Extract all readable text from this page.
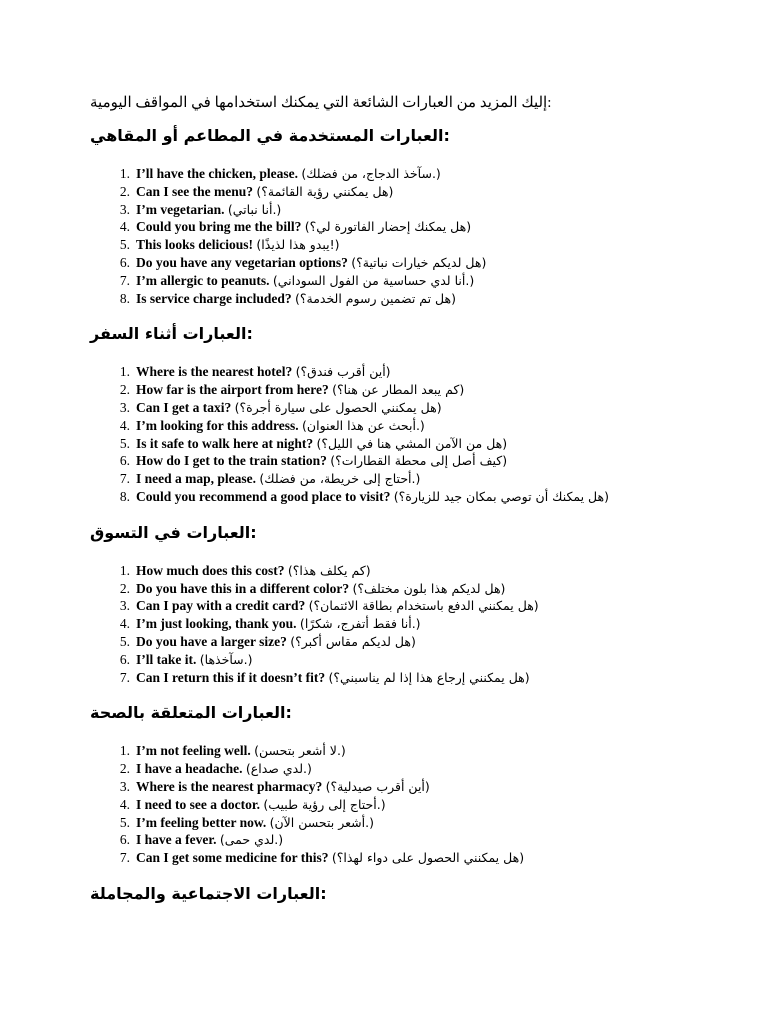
إليك المزيد من العبارات الشائعة التي يمكنك استخدامها في المواقف اليومية:

العبارات المستخدمة في المطاعم أو المقاهي:
1. I’ll have the chicken, please. (سآخذ الدجاج، من فضلك.)
2. Can I see the menu? (هل يمكنني رؤية القائمة؟)
3. I’m vegetarian. (أنا نباتي.)
4. Could you bring me the bill? (هل يمكنك إحضار الفاتورة لي؟)
5. This looks delicious! (يبدو هذا لذيذًا!)
6. Do you have any vegetarian options? (هل لديكم خيارات نباتية؟)
7. I’m allergic to peanuts. (أنا لدي حساسية من الفول السوداني.)
8. Is service charge included? (هل تم تضمين رسوم الخدمة؟)
العبارات أثناء السفر:
1. Where is the nearest hotel? (أين أقرب فندق؟)
2. How far is the airport from here? (كم يبعد المطار عن هنا؟)
3. Can I get a taxi? (هل يمكنني الحصول على سيارة أجرة؟)
4. I’m looking for this address. (أبحث عن هذا العنوان.)
5. Is it safe to walk here at night? (هل من الآمن المشي هنا في الليل؟)
6. How do I get to the train station? (كيف أصل إلى محطة القطارات؟)
7. I need a map, please. (أحتاج إلى خريطة، من فضلك.)
8. Could you recommend a good place to visit? (هل يمكنك أن توصي بمكان جيد للزيارة؟)
العبارات في التسوق:
1. How much does this cost? (كم يكلف هذا؟)
2. Do you have this in a different color? (هل لديكم هذا بلون مختلف؟)
3. Can I pay with a credit card? (هل يمكنني الدفع باستخدام بطاقة الائتمان؟)
4. I’m just looking, thank you. (أنا فقط أتفرج، شكرًا.)
5. Do you have a larger size? (هل لديكم مقاس أكبر؟)
6. I’ll take it. (سآخذها.)
7. Can I return this if it doesn’t fit? (هل يمكنني إرجاع هذا إذا لم يناسبني؟)
العبارات المتعلقة بالصحة:
1. I’m not feeling well. (لا أشعر بتحسن.)
2. I have a headache. (لدي صداع.)
3. Where is the nearest pharmacy? (أين أقرب صيدلية؟)
4. I need to see a doctor. (أحتاج إلى رؤية طبيب.)
5. I’m feeling better now. (أشعر بتحسن الآن.)
6. I have a fever. (لدي حمى.)
7. Can I get some medicine for this? (هل يمكنني الحصول على دواء لهذا؟)
العبارات الاجتماعية والمجاملة:
